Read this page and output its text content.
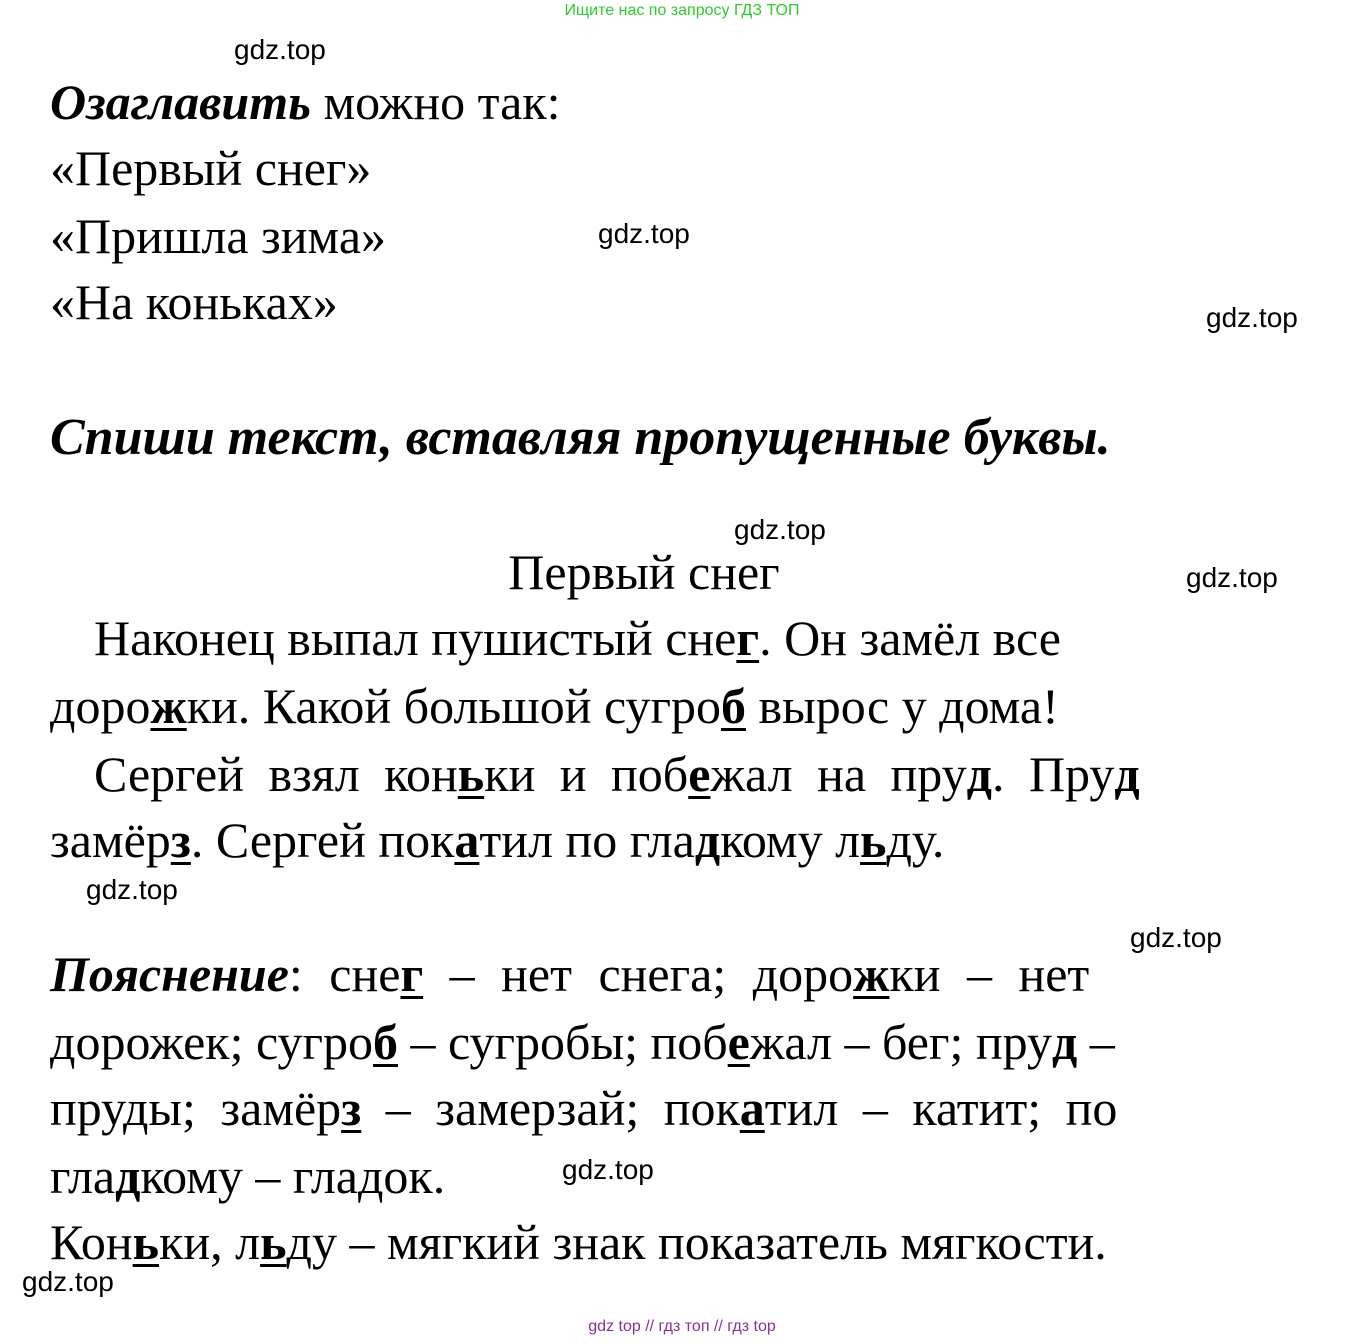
Ищите нас по запросу ГДЗ ТОП
gdz.top
gdz.top
gdz.top
gdz.top
gdz.top
gdz.top
gdz.top
gdz.top
gdz.top
Озаглавить можно так:
«Первый снег»
«Пришла зима»
«На коньках»
Спиши текст, вставляя пропущенные буквы.
Первый снег
Наконец выпал пушистый снег. Он замёл все
дорожки. Какой большой сугроб вырос у дома!
Сергей взял коньки и побежал на пруд. Пруд
замёрз. Сергей покатил по гладкому льду.
Пояснение: снег – нет снега; дорожки – нет
дорожек; сугроб – сугробы; побежал – бег; пруд –
пруды; замёрз – замерзай; покатил – катит; по
гладкому – гладок.
Коньки, льду – мягкий знак показатель мягкости.
gdz top // гдз топ // гдз top
